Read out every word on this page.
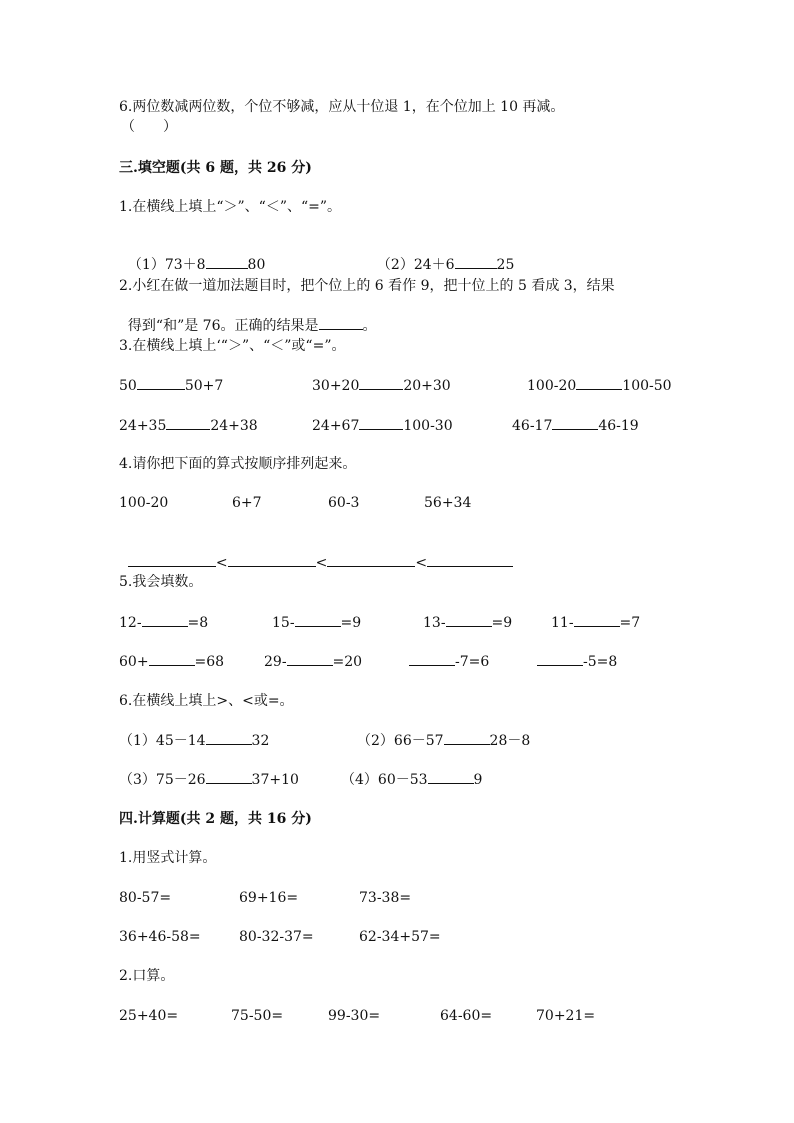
6.两位数减两位数，个位不够减，应从十位退 1，在个位加上 10 再减。
（　　）
三.填空题(共 6 题，共 26 分)
1.在横线上填上“＞”、“＜”、“=”。

（1）73＋8	80	（2）24＋6	25

2.小红在做一道加法题目时，把个位上的 6 看作 9，把十位上的 5 看成 3，结果

得到“和”是 76。正确的结果是	。

3.在横线上填上‘“＞”、“＜”或“=”。
50	50+7	30+20	20+30	100-20	100-50
24+35	24+38	24+67	100-30	46-17	46-19
4.请你把下面的算式按顺序排列起来。
100-20	6+7	60-3	56+34

<	<	<

5.我会填数。
12-	=8	15-	=9	13-	=9	11-	=7
60+	=68	29-	=20	-7=6	-5=8
6.在横线上填上>、<或=。
（1）45－14	32	（2）66－57	28－8
（3）75－26	37+10	（4）60－53	9
四.计算题(共 2 题，共 16 分)
1.用竖式计算。
80-57=	69+16=	73-38=
36+46-58=	80-32-37=	62-34+57=
2.口算。
25+40=	75-50=	99-30=	64-60=	70+21=
